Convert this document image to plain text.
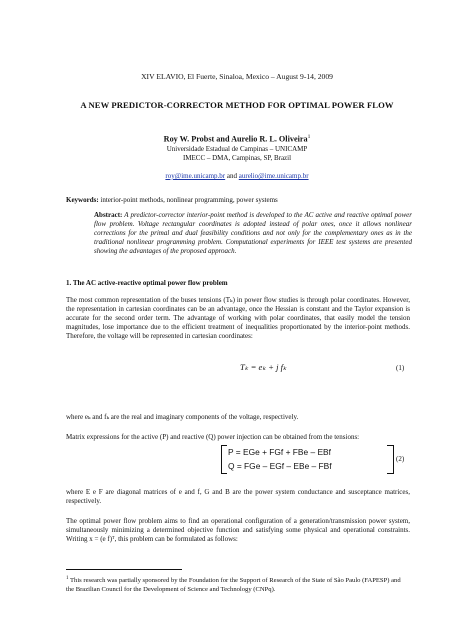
XIV ELAVIO, El Fuerte, Sinaloa, Mexico – August 9-14, 2009
A NEW PREDICTOR-CORRECTOR METHOD FOR OPTIMAL POWER FLOW
Roy W. Probst and Aurelio R. L. Oliveira$^1$
Universidade Estadual de Campinas – UNICAMP
IMECC – DMA, Campinas, SP, Brazil
roy@ime.unicamp.br and aurelio@ime.unicamp.br
Keywords: interior-point methods, nonlinear programming, power systems
Abstract: A predictor-corrector interior-point method is developed to the AC active and reactive optimal power flow problem. Voltage rectangular coordinates is adopted instead of polar ones, once it allows nonlinear corrections for the primal and dual feasibility conditions and not only for the complementary ones as in the traditional nonlinear programming problem. Computational experiments for IEEE test systems are presented showing the advantages of the proposed approach.
1. The AC active-reactive optimal power flow problem
The most common representation of the buses tensions (Tₖ) in power flow studies is through polar coordinates. However, the representation in cartesian coordinates can be an advantage, once the Hessian is constant and the Taylor expansion is accurate for the second order term. The advantage of working with polar coordinates, that easily model the tension magnitudes, lose importance due to the efficient treatment of inequalities proportionated by the interior-point methods. Therefore, the voltage will be represented in cartesian coordinates:
Tₖ = eₖ + j fₖ	(1)
where eₖ and fₖ are the real and imaginary components of the voltage, respectively.
Matrix expressions for the active (P) and reactive (Q) power injection can be obtained from the tensions:
P = EGe + FGf + FBe – EBf
Q = FGe – EGf – EBe – FBf
(2)
where E e F are diagonal matrices of e and f, G and B are the power system conductance and susceptance matrices, respectively.
The optimal power flow problem aims to find an operational configuration of a generation/transmission power system, simultaneously minimizing a determined objective function and satisfying some physical and operational constraints. Writing x = (e f)ᵀ, this problem can be formulated as follows:
$^1$ This research was partially sponsored by the Foundation for the Support of Research of the State of São Paulo (FAPESP) and the Brazilian Council for the Development of Science and Technology (CNPq).
